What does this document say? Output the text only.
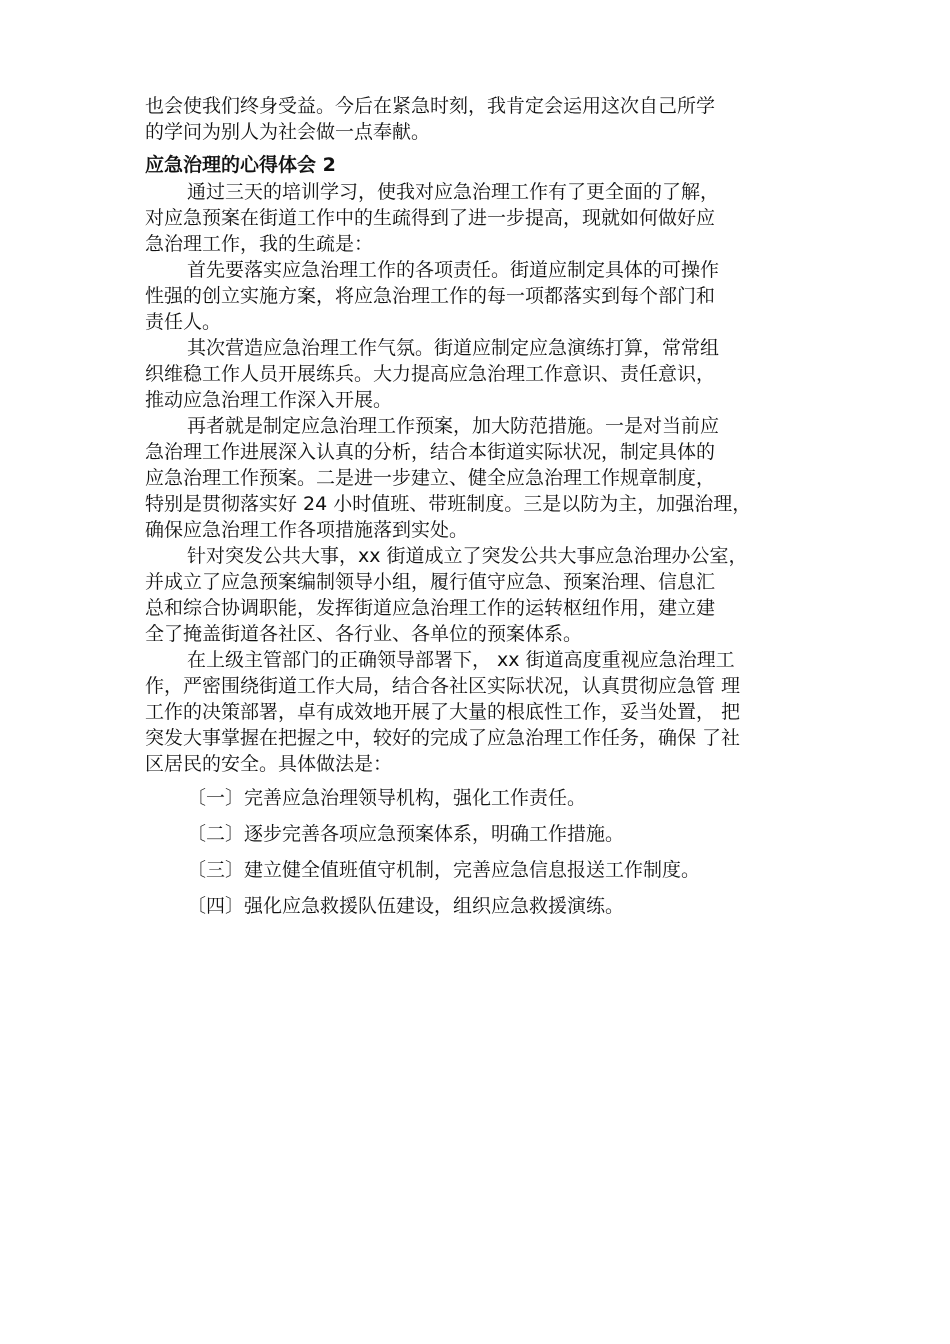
也会使我们终身受益。今后在紧急时刻，我肯定会运用这次自己所学
的学问为别人为社会做一点奉献。
应急治理的心得体会 2
通过三天的培训学习，使我对应急治理工作有了更全面的了解，
对应急预案在街道工作中的生疏得到了进一步提高，现就如何做好应
急治理工作，我的生疏是：
首先要落实应急治理工作的各项责任。街道应制定具体的可操作
性强的创立实施方案，将应急治理工作的每一项都落实到每个部门和
责任人。
其次营造应急治理工作气氛。街道应制定应急演练打算，常常组
织维稳工作人员开展练兵。大力提高应急治理工作意识、责任意识，
推动应急治理工作深入开展。
再者就是制定应急治理工作预案，加大防范措施。一是对当前应
急治理工作进展深入认真的分析，结合本街道实际状况，制定具体的
应急治理工作预案。二是进一步建立、健全应急治理工作规章制度，
特别是贯彻落实好 24 小时值班、带班制度。三是以防为主，加强治理，
确保应急治理工作各项措施落到实处。
针对突发公共大事，xx 街道成立了突发公共大事应急治理办公室，
并成立了应急预案编制领导小组，履行值守应急、预案治理、信息汇
总和综合协调职能，发挥街道应急治理工作的运转枢纽作用，建立建
全了掩盖街道各社区、各行业、各单位的预案体系。
在上级主管部门的正确领导部署下， xx 街道高度重视应急治理工
作，严密围绕街道工作大局，结合各社区实际状况，认真贯彻应急管 理
工作的决策部署，卓有成效地开展了大量的根底性工作，妥当处置， 把
突发大事掌握在把握之中，较好的完成了应急治理工作任务，确保 了社
区居民的安全。具体做法是：
〔一〕完善应急治理领导机构，强化工作责任。
〔二〕逐步完善各项应急预案体系，明确工作措施。
〔三〕建立健全值班值守机制，完善应急信息报送工作制度。
〔四〕强化应急救援队伍建设，组织应急救援演练。
